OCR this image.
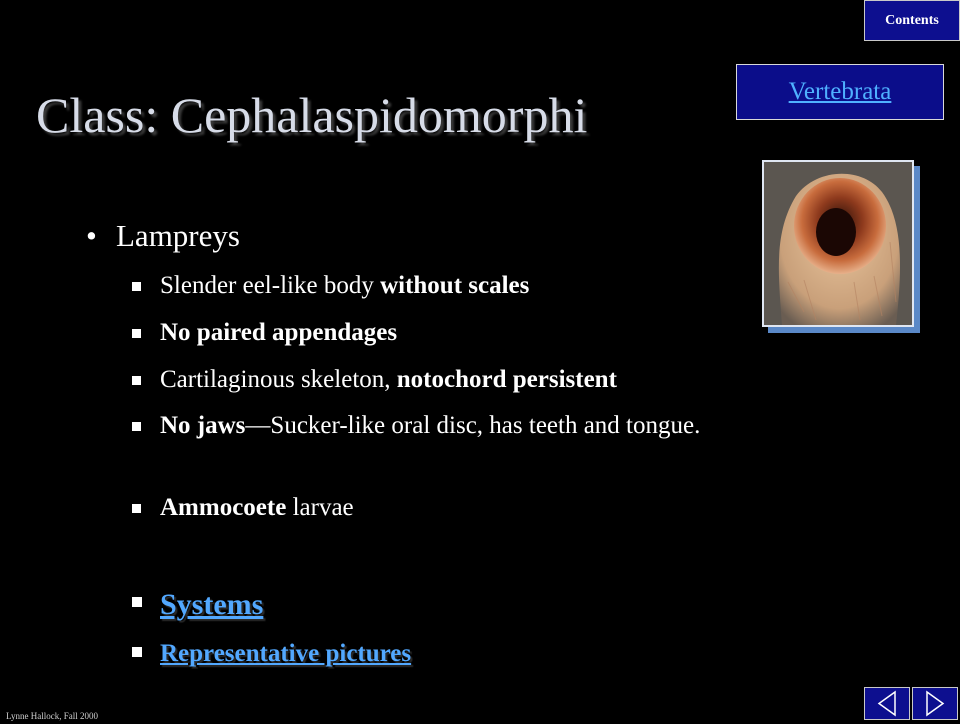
Contents
Vertebrata
Class: Cephalaspidomorphi
• Lampreys
Slender eel-like body without scales
No paired appendages
Cartilaginous skeleton, notochord persistent
No jaws—Sucker-like oral disc, has teeth and tongue.
Ammocoete larvae
Systems
Representative pictures
Lynne Hallock, Fall 2000
